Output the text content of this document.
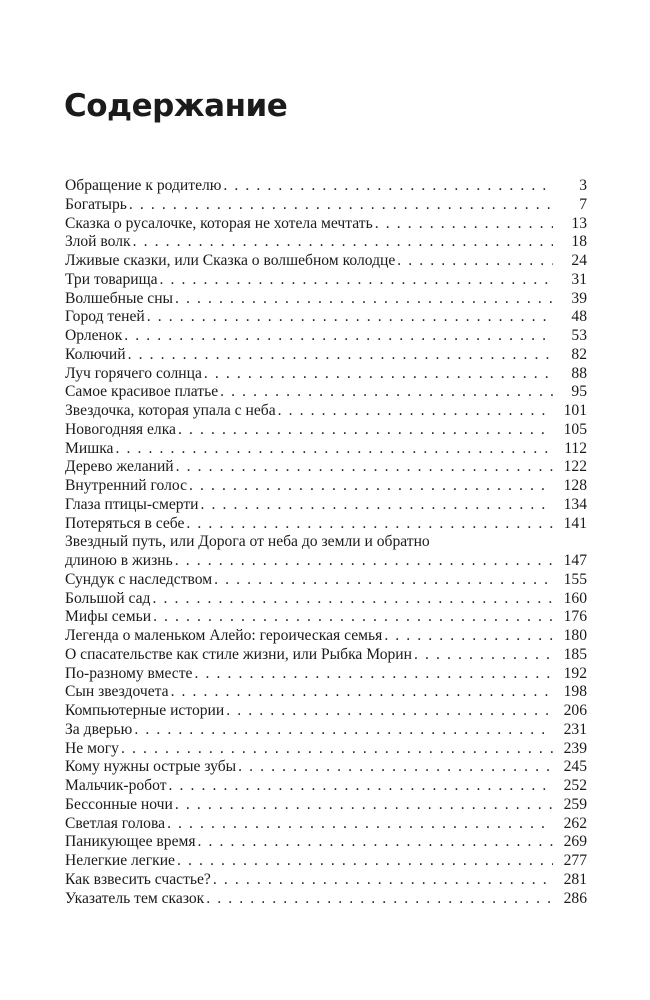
Содержание
Обращение к родителю . . .	3
Богатырь . . .	7
Сказка о русалочке, которая не хотела мечтать . . .	13
Злой волк . . .	18
Лживые сказки, или Сказка о волшебном колодце . . .	24
Три товарища . . .	31
Волшебные сны . . .	39
Город теней . . .	48
Орленок . . .	53
Колючий . . .	82
Луч горячего солнца . . .	88
Самое красивое платье . . .	95
Звездочка, которая упала с неба . . .	101
Новогодняя елка . . .	105
Мишка . . .	112
Дерево желаний . . .	122
Внутренний голос . . .	128
Глаза птицы-смерти . . .	134
Потеряться в себе . . .	141
Звездный путь, или Дорога от неба до земли и обратно
длиною в жизнь . . .	147
Сундук с наследством . . .	155
Большой сад . . .	160
Мифы семьи . . .	176
Легенда о маленьком Алейо: героическая семья . . .	180
О спасательстве как стиле жизни, или Рыбка Морин . . .	185
По-разному вместе . . .	192
Сын звездочета . . .	198
Компьютерные истории . . .	206
За дверью . . .	231
Не могу . . .	239
Кому нужны острые зубы . . .	245
Мальчик-робот . . .	252
Бессонные ночи . . .	259
Светлая голова . . .	262
Паникующее время . . .	269
Нелегкие легкие . . .	277
Как взвесить счастье? . . .	281
Указатель тем сказок . . .	286
